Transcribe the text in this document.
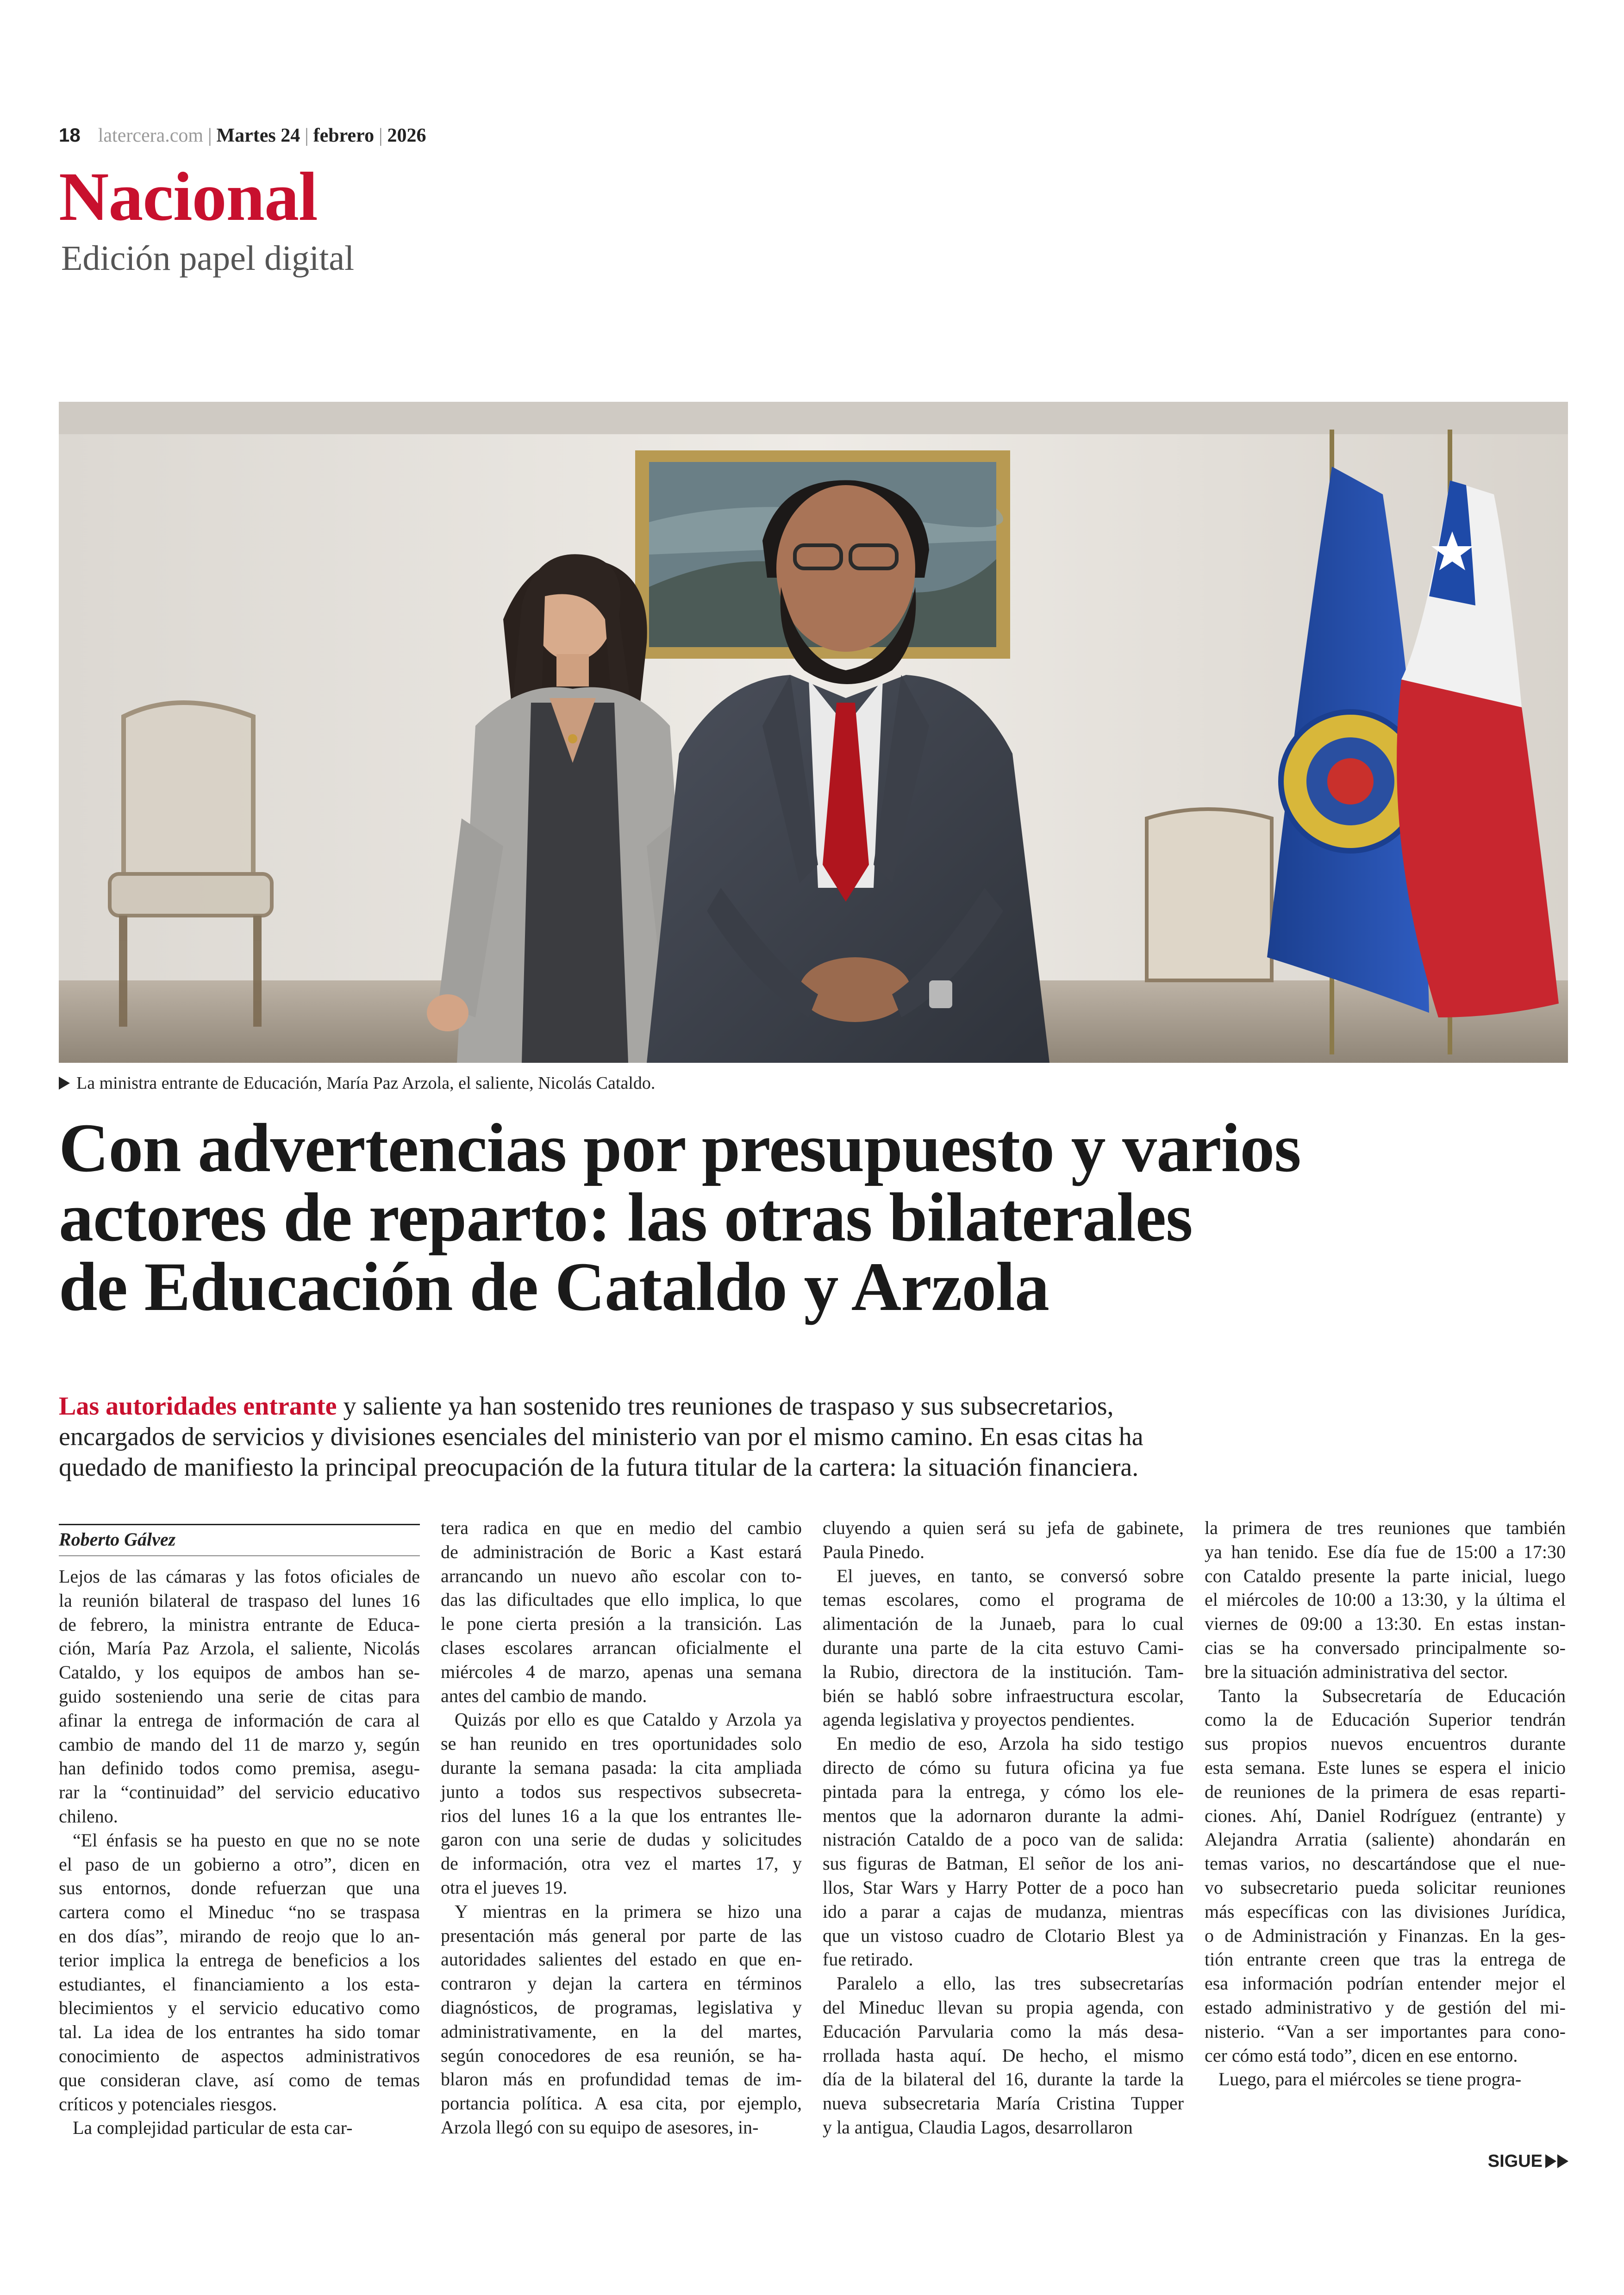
18 latercera.com | Martes 24 | febrero | 2026
Nacional
Edición papel digital
La ministra entrante de Educación, María Paz Arzola, el saliente, Nicolás Cataldo.
Con advertencias por presupuesto y varios
actores de reparto: las otras bilaterales
de Educación de Cataldo y Arzola
Las autoridades entrante y saliente ya han sostenido tres reuniones de traspaso y sus subsecretarios,
encargados de servicios y divisiones esenciales del ministerio van por el mismo camino. En esas citas ha
quedado de manifiesto la principal preocupación de la futura titular de la cartera: la situación financiera.
Roberto Gálvez
Lejos de las cámaras y las fotos oficiales de
la reunión bilateral de traspaso del lunes 16
de febrero, la ministra entrante de Educa-
ción, María Paz Arzola, el saliente, Nicolás
Cataldo, y los equipos de ambos han se-
guido sosteniendo una serie de citas para
afinar la entrega de información de cara al
cambio de mando del 11 de marzo y, según
han definido todos como premisa, asegu-
rar la “continuidad” del servicio educativo
chileno.
“El énfasis se ha puesto en que no se note
el paso de un gobierno a otro”, dicen en
sus entornos, donde refuerzan que una
cartera como el Mineduc “no se traspasa
en dos días”, mirando de reojo que lo an-
terior implica la entrega de beneficios a los
estudiantes, el financiamiento a los esta-
blecimientos y el servicio educativo como
tal. La idea de los entrantes ha sido tomar
conocimiento de aspectos administrativos
que consideran clave, así como de temas
críticos y potenciales riesgos.
La complejidad particular de esta car-
tera radica en que en medio del cambio
de administración de Boric a Kast estará
arrancando un nuevo año escolar con to-
das las dificultades que ello implica, lo que
le pone cierta presión a la transición. Las
clases escolares arrancan oficialmente el
miércoles 4 de marzo, apenas una semana
antes del cambio de mando.
Quizás por ello es que Cataldo y Arzola ya
se han reunido en tres oportunidades solo
durante la semana pasada: la cita ampliada
junto a todos sus respectivos subsecreta-
rios del lunes 16 a la que los entrantes lle-
garon con una serie de dudas y solicitudes
de información, otra vez el martes 17, y
otra el jueves 19.
Y mientras en la primera se hizo una
presentación más general por parte de las
autoridades salientes del estado en que en-
contraron y dejan la cartera en términos
diagnósticos, de programas, legislativa y
administrativamente, en la del martes,
según conocedores de esa reunión, se ha-
blaron más en profundidad temas de im-
portancia política. A esa cita, por ejemplo,
Arzola llegó con su equipo de asesores, in-
cluyendo a quien será su jefa de gabinete,
Paula Pinedo.
El jueves, en tanto, se conversó sobre
temas escolares, como el programa de
alimentación de la Junaeb, para lo cual
durante una parte de la cita estuvo Cami-
la Rubio, directora de la institución. Tam-
bién se habló sobre infraestructura escolar,
agenda legislativa y proyectos pendientes.
En medio de eso, Arzola ha sido testigo
directo de cómo su futura oficina ya fue
pintada para la entrega, y cómo los ele-
mentos que la adornaron durante la admi-
nistración Cataldo de a poco van de salida:
sus figuras de Batman, El señor de los ani-
llos, Star Wars y Harry Potter de a poco han
ido a parar a cajas de mudanza, mientras
que un vistoso cuadro de Clotario Blest ya
fue retirado.
Paralelo a ello, las tres subsecretarías
del Mineduc llevan su propia agenda, con
Educación Parvularia como la más desa-
rrollada hasta aquí. De hecho, el mismo
día de la bilateral del 16, durante la tarde la
nueva subsecretaria María Cristina Tupper
y la antigua, Claudia Lagos, desarrollaron
la primera de tres reuniones que también
ya han tenido. Ese día fue de 15:00 a 17:30
con Cataldo presente la parte inicial, luego
el miércoles de 10:00 a 13:30, y la última el
viernes de 09:00 a 13:30. En estas instan-
cias se ha conversado principalmente so-
bre la situación administrativa del sector.
Tanto la Subsecretaría de Educación
como la de Educación Superior tendrán
sus propios nuevos encuentros durante
esta semana. Este lunes se espera el inicio
de reuniones de la primera de esas reparti-
ciones. Ahí, Daniel Rodríguez (entrante) y
Alejandra Arratia (saliente) ahondarán en
temas varios, no descartándose que el nue-
vo subsecretario pueda solicitar reuniones
más específicas con las divisiones Jurídica,
o de Administración y Finanzas. En la ges-
tión entrante creen que tras la entrega de
esa información podrían entender mejor el
estado administrativo y de gestión del mi-
nisterio. “Van a ser importantes para cono-
cer cómo está todo”, dicen en ese entorno.
Luego, para el miércoles se tiene progra-
SIGUE
